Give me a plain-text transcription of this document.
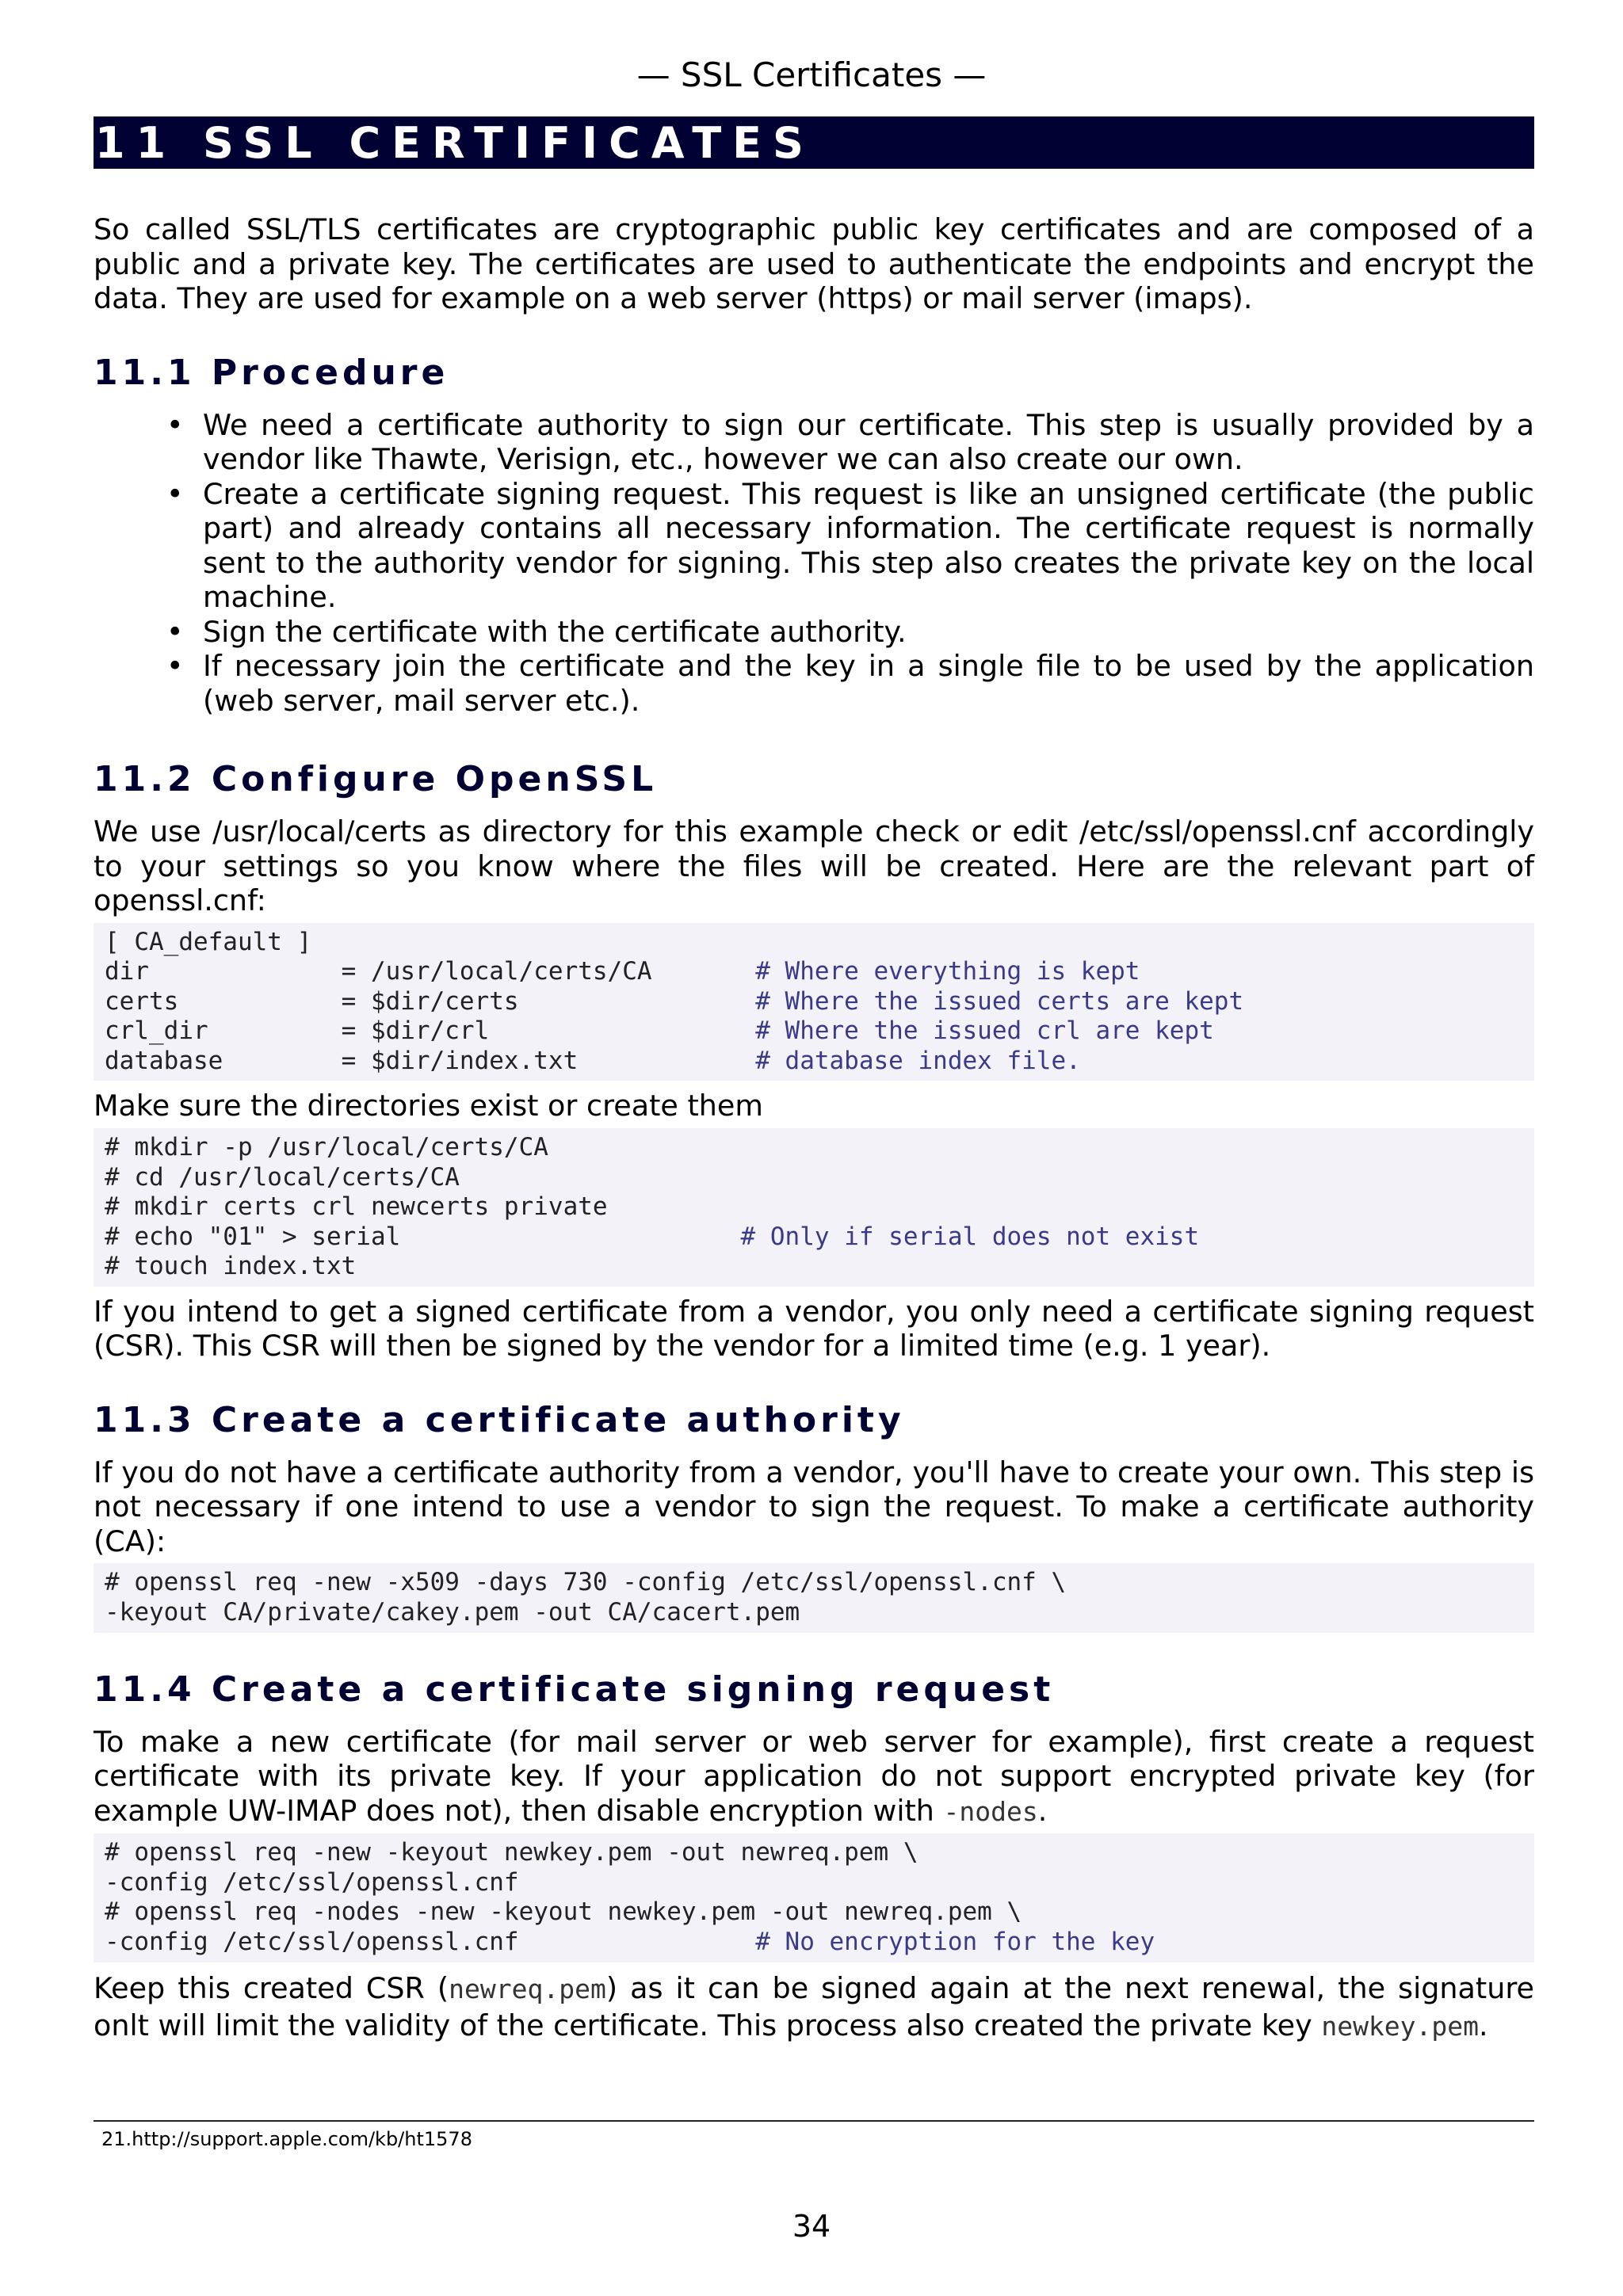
— SSL Certificates —
11 SSL CERTIFICATES

So called SSL/TLS certificates are cryptographic public key certificates and are composed of a public and a private key. The certificates are used to authenticate the endpoints and encrypt the data. They are used for example on a web server (https) or mail server (imaps).

11.1 Procedure
• We need a certificate authority to sign our certificate. This step is usually provided by a vendor like Thawte, Verisign, etc., however we can also create our own.
• Create a certificate signing request. This request is like an unsigned certificate (the public part) and already contains all necessary information. The certificate request is normally sent to the authority vendor for signing. This step also creates the private key on the local machine.
• Sign the certificate with the certificate authority.
• If necessary join the certificate and the key in a single file to be used by the application (web server, mail server etc.).
11.2 Configure OpenSSL

We use /usr/local/certs as directory for this example check or edit /etc/ssl/openssl.cnf accordingly to your settings so you know where the files will be created. Here are the relevant part of openssl.cnf:

[ CA_default ]
dir             = /usr/local/certs/CA       # Where everything is kept
certs           = $dir/certs                # Where the issued certs are kept
crl_dir         = $dir/crl                  # Where the issued crl are kept
database        = $dir/index.txt            # database index file.

Make sure the directories exist or create them

# mkdir -p /usr/local/certs/CA
# cd /usr/local/certs/CA
# mkdir certs crl newcerts private
# echo "01" > serial                       # Only if serial does not exist
# touch index.txt

If you intend to get a signed certificate from a vendor, you only need a certificate signing request (CSR). This CSR will then be signed by the vendor for a limited time (e.g. 1 year).

11.3 Create a certificate authority

If you do not have a certificate authority from a vendor, you'll have to create your own. This step is not necessary if one intend to use a vendor to sign the request. To make a certificate authority (CA):

# openssl req -new -x509 -days 730 -config /etc/ssl/openssl.cnf \
-keyout CA/private/cakey.pem -out CA/cacert.pem
11.4 Create a certificate signing request

To make a new certificate (for mail server or web server for example), first create a request certificate with its private key. If your application do not support encrypted private key (for example UW-IMAP does not), then disable encryption with -nodes.

# openssl req -new -keyout newkey.pem -out newreq.pem \
-config /etc/ssl/openssl.cnf
# openssl req -nodes -new -keyout newkey.pem -out newreq.pem \
-config /etc/ssl/openssl.cnf                # No encryption for the key

Keep this created CSR (newreq.pem) as it can be signed again at the next renewal, the signature onlt will limit the validity of the certificate. This process also created the private key newkey.pem.

21.http://support.apple.com/kb/ht1578
34
